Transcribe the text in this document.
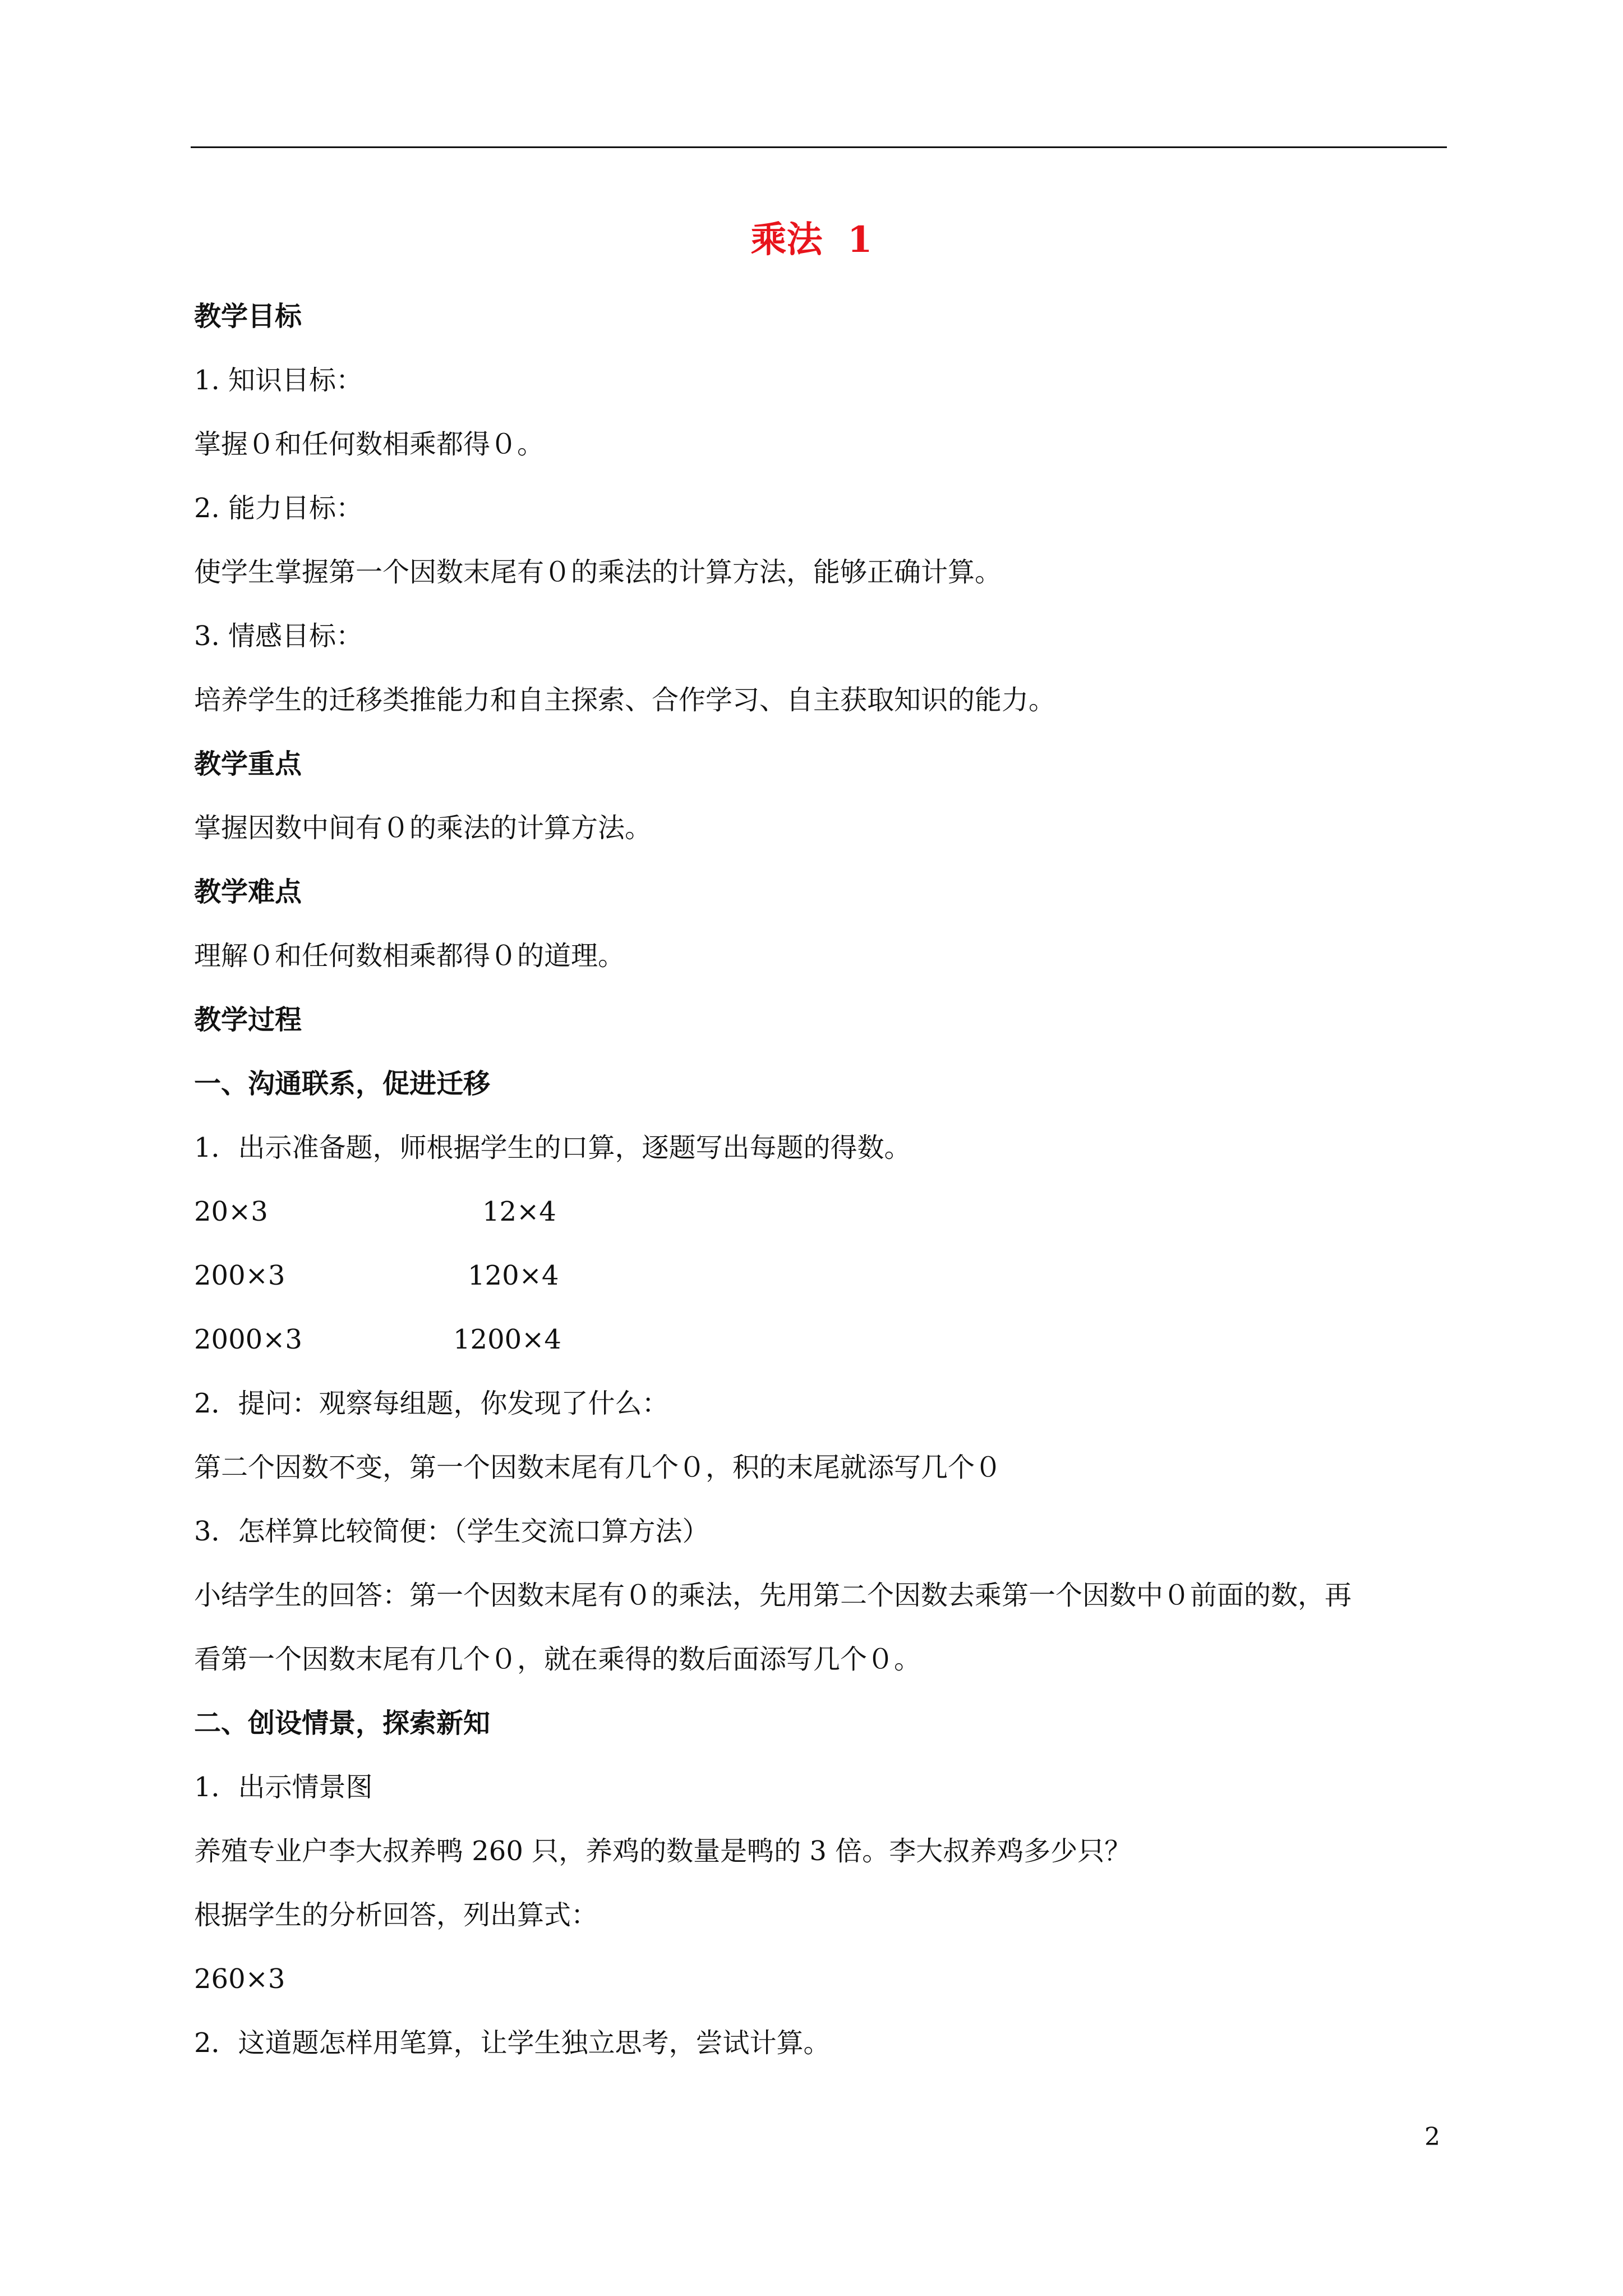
乘法  1
教学目标
1. 知识目标：
掌握０和任何数相乘都得０。
2. 能力目标：
使学生掌握第一个因数末尾有０的乘法的计算方法，能够正确计算。
3. 情感目标：
培养学生的迁移类推能力和自主探索、合作学习、自主获取知识的能力。
教学重点
掌握因数中间有０的乘法的计算方法。
教学难点
理解０和任何数相乘都得０的道理。
教学过程
一、沟通联系，促进迁移
1．出示准备题，师根据学生的口算，逐题写出每题的得数。
20×3	12×4
200×3	120×4
2000×3	1200×4
2．提问：观察每组题，你发现了什么：
第二个因数不变，第一个因数末尾有几个０，积的末尾就添写几个０
3．怎样算比较简便：（学生交流口算方法）
小结学生的回答：第一个因数末尾有０的乘法，先用第二个因数去乘第一个因数中０前面的数，再
看第一个因数末尾有几个０，就在乘得的数后面添写几个０。
二、创设情景，探索新知
1．出示情景图
养殖专业户李大叔养鸭 260 只，养鸡的数量是鸭的 3 倍。李大叔养鸡多少只？
根据学生的分析回答，列出算式：
260×3
2．这道题怎样用笔算，让学生独立思考，尝试计算。
2
